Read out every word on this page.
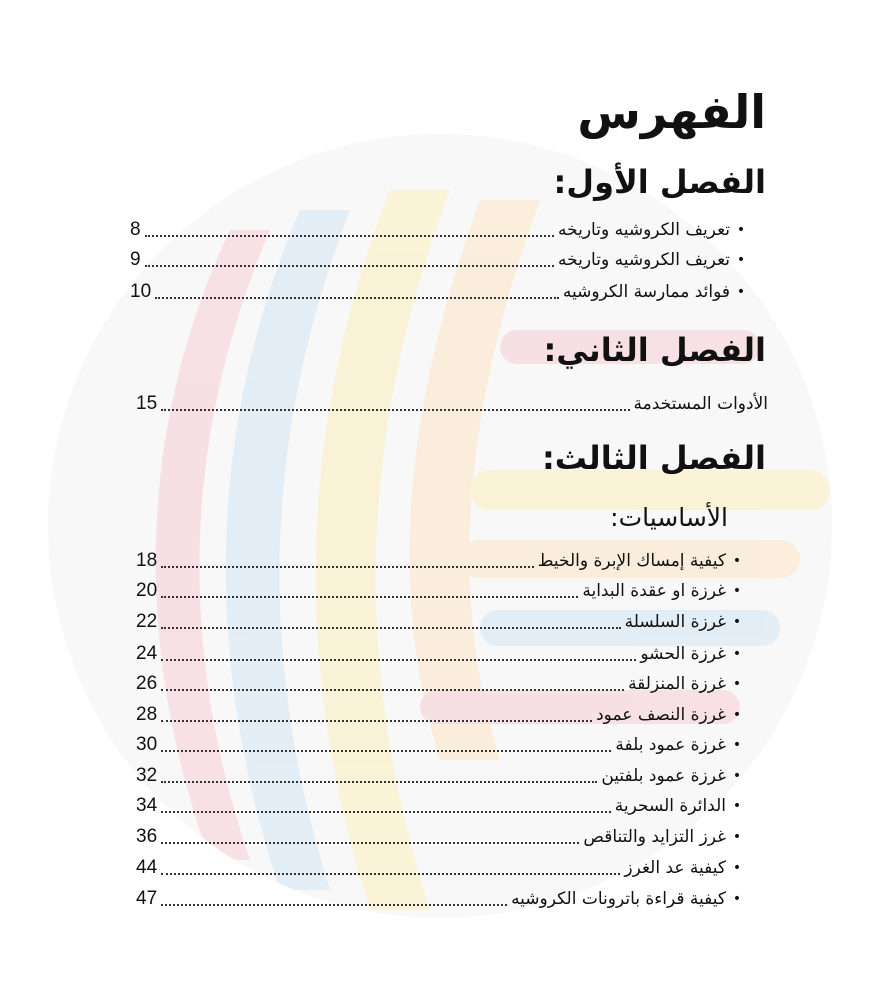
الفهرس
الفصل الأول:
الفصل الثاني:
الفصل الثالث:
الأساسيات:
•
تعريف الكروشيه وتاريخه
8
•
تعريف الكروشيه وتاريخه
9
•
فوائد ممارسة الكروشيه
10
الأدوات المستخدمة
15
•
كيفية إمساك الإبرة والخيط
18
•
غرزة او عقدة البداية
20
•
غرزة السلسلة
22
•
غرزة الحشو
24
•
غرزة المنزلقة
26
•
غرزة النصف عمود
28
•
غرزة عمود بلفة
30
•
غرزة عمود بلفتين
32
•
الدائرة السحرية
34
•
غرز التزايد والتناقص
36
•
كيفية عد الغرز
44
•
كيفية قراءة باترونات الكروشيه
47
